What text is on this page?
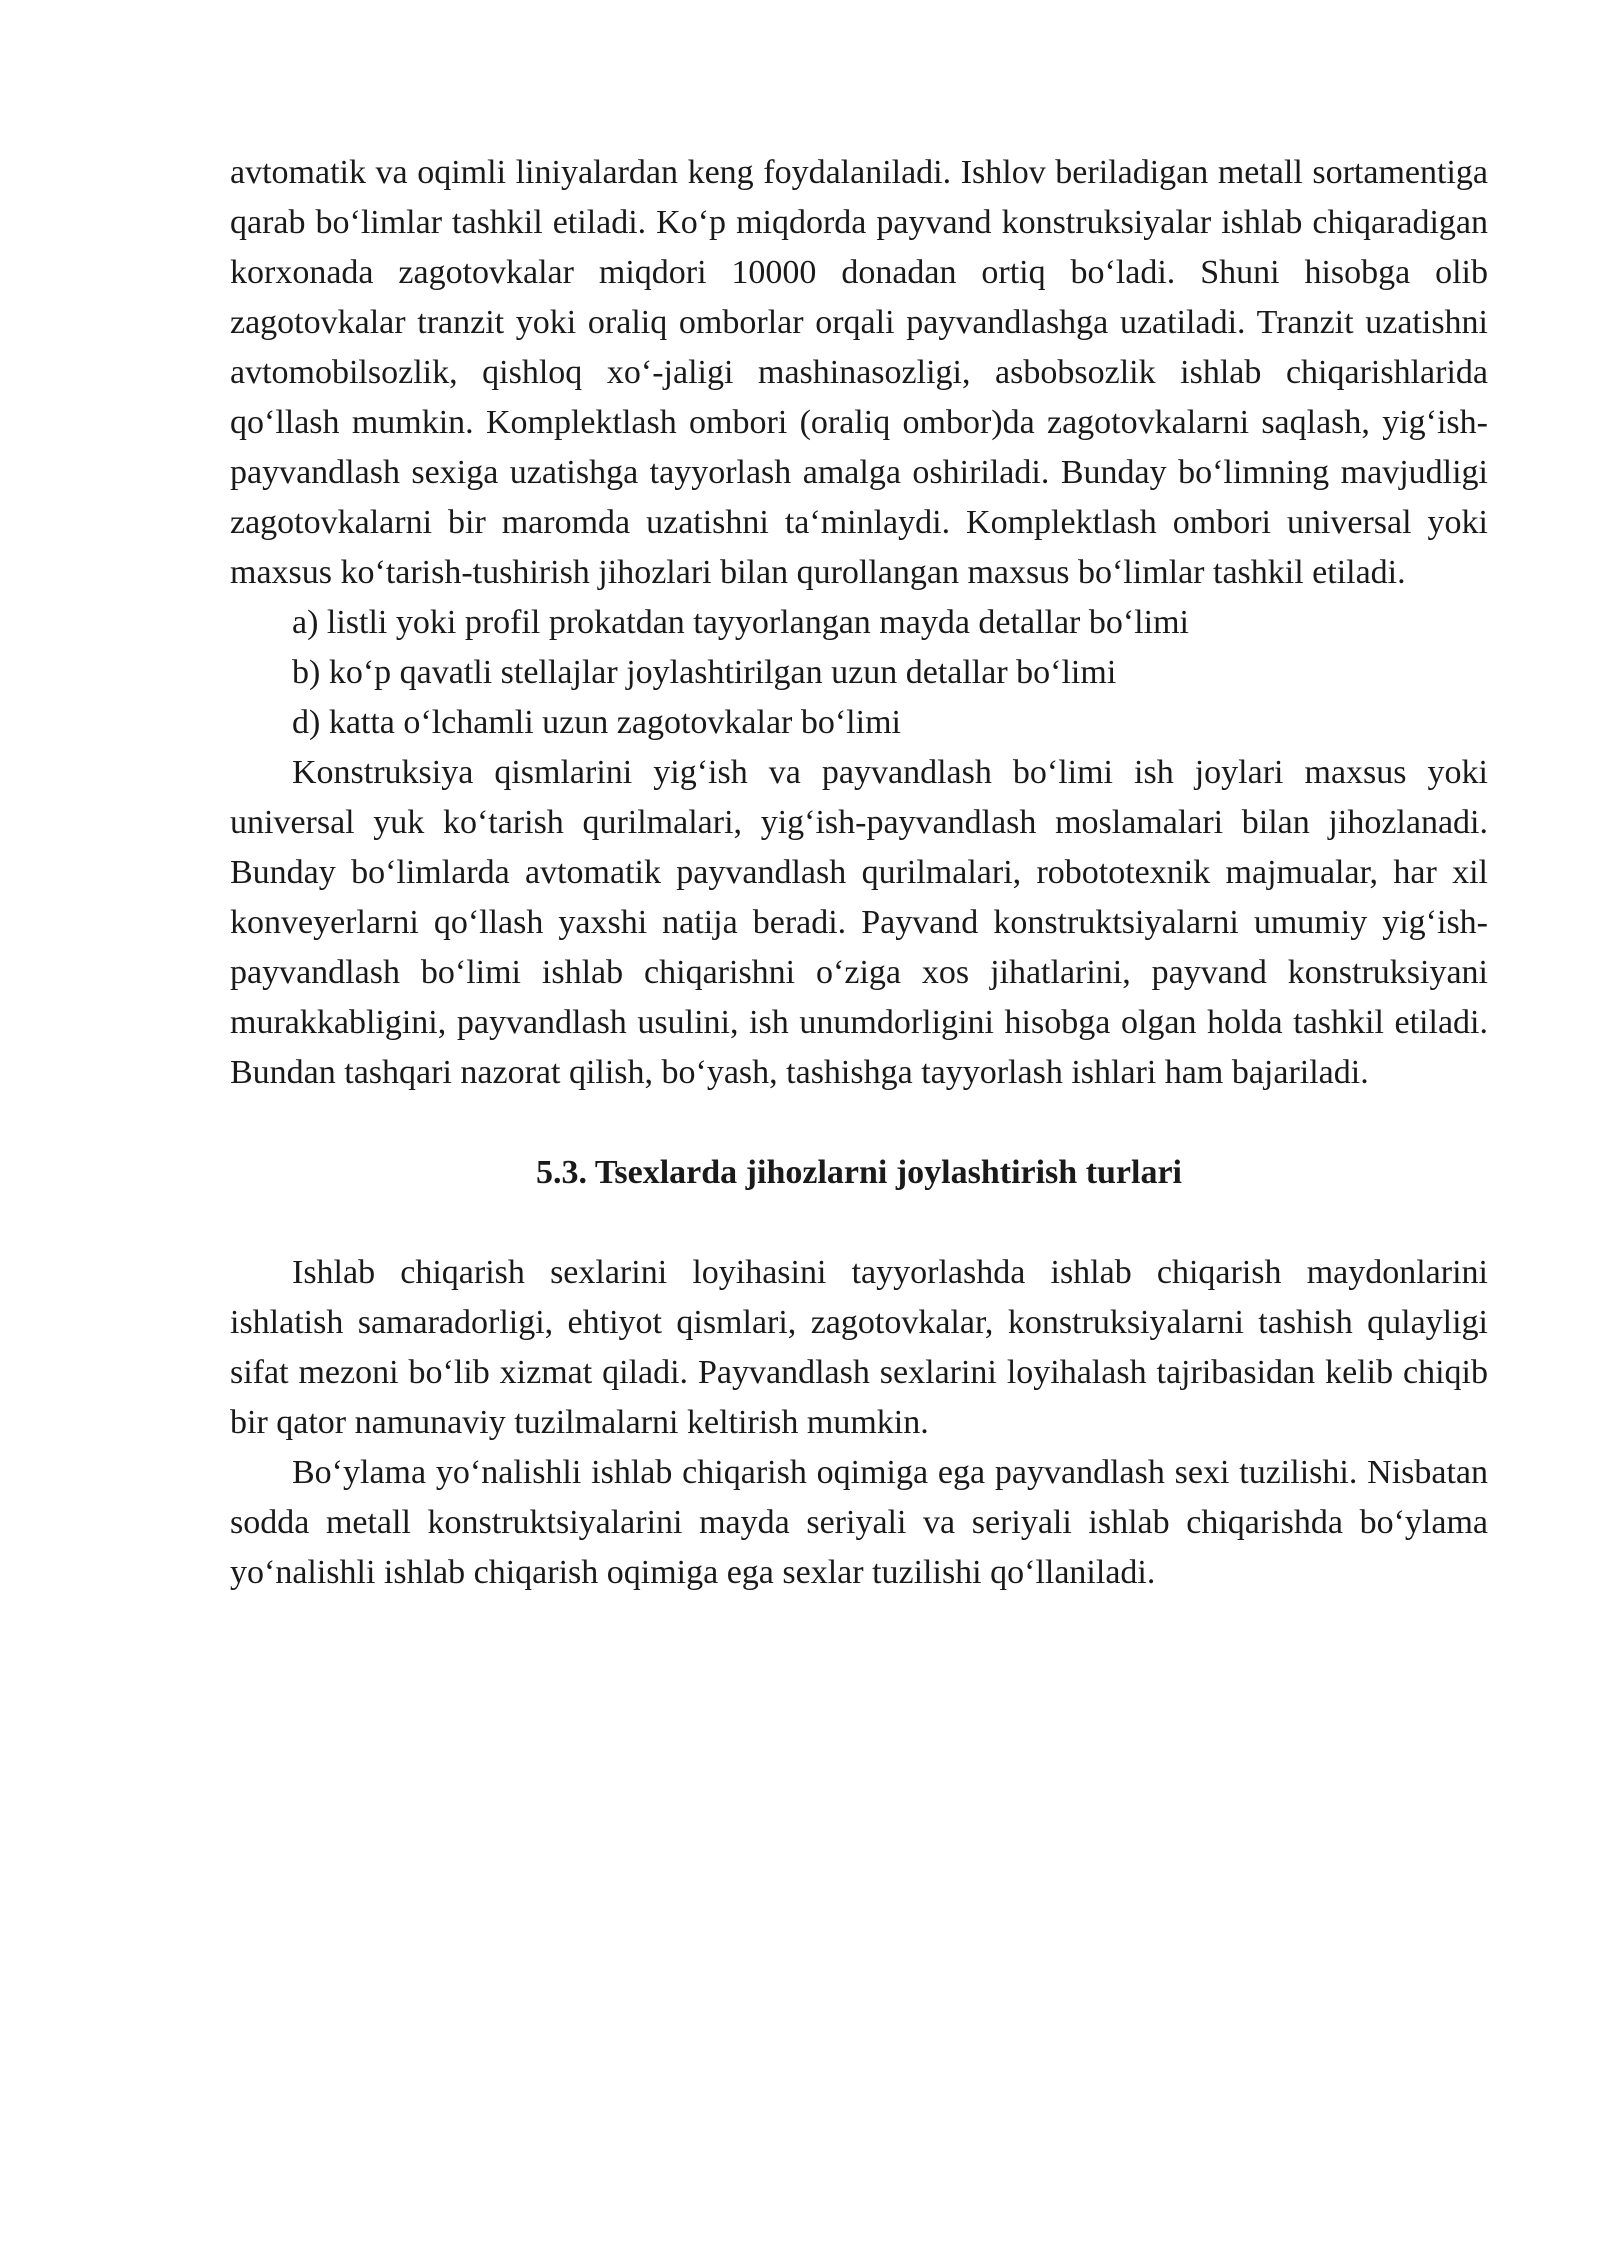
avtomatik va oqimli liniyalardan keng foydalaniladi. Ishlov beriladigan metall sortamentiga qarab bo‘limlar tashkil etiladi. Ko‘p miqdorda payvand konstruksiyalar ishlab chiqaradigan korxonada zagotovkalar miqdori 10000 donadan ortiq bo‘ladi. Shuni hisobga olib zagotovkalar tranzit yoki oraliq omborlar orqali payvandlashga uzatiladi. Tranzit uzatishni avtomobilsozlik, qishloq xo‘-jaligi mashinasozligi, asbobsozlik ishlab chiqarishlarida qo‘llash mumkin. Komplektlash ombori (oraliq ombor)da zagotovkalarni saqlash, yig‘ish-payvandlash sexiga uzatishga tayyorlash amalga oshiriladi. Bunday bo‘limning mavjudligi zagotovkalarni bir maromda uzatishni ta‘minlaydi. Komplektlash ombori universal yoki maxsus ko‘tarish-tushirish jihozlari bilan qurollangan maxsus bo‘limlar tashkil etiladi.

a) listli yoki profil prokatdan tayyorlangan mayda detallar bo‘limi

b) ko‘p qavatli stellajlar joylashtirilgan uzun detallar bo‘limi

d) katta o‘lchamli uzun zagotovkalar bo‘limi

Konstruksiya qismlarini yig‘ish va payvandlash bo‘limi ish joylari maxsus yoki universal yuk ko‘tarish qurilmalari, yig‘ish-payvandlash moslamalari bilan jihozlanadi. Bunday bo‘limlarda avtomatik payvandlash qurilmalari, robototexnik majmualar, har xil konveyerlarni qo‘llash yaxshi natija beradi. Payvand konstruktsiyalarni umumiy yig‘ish-payvandlash bo‘limi ishlab chiqarishni o‘ziga xos jihatlarini, payvand konstruksiyani murakkabligini, payvandlash usulini, ish unumdorligini hisobga olgan holda tashkil etiladi. Bundan tashqari nazorat qilish, bo‘yash, tashishga tayyorlash ishlari ham bajariladi.

5.3. Tsexlarda jihozlarni joylashtirish turlari

Ishlab chiqarish sexlarini loyihasini tayyorlashda ishlab chiqarish maydonlarini ishlatish samaradorligi, ehtiyot qismlari, zagotovkalar, konstruksiyalarni tashish qulayligi sifat mezoni bo‘lib xizmat qiladi. Payvandlash sexlarini loyihalash tajribasidan kelib chiqib bir qator namunaviy tuzilmalarni keltirish mumkin.

Bo‘ylama yo‘nalishli ishlab chiqarish oqimiga ega payvandlash sexi tuzilishi. Nisbatan sodda metall konstruktsiyalarini mayda seriyali va seriyali ishlab chiqarishda bo‘ylama yo‘nalishli ishlab chiqarish oqimiga ega sexlar tuzilishi qo‘llaniladi.
